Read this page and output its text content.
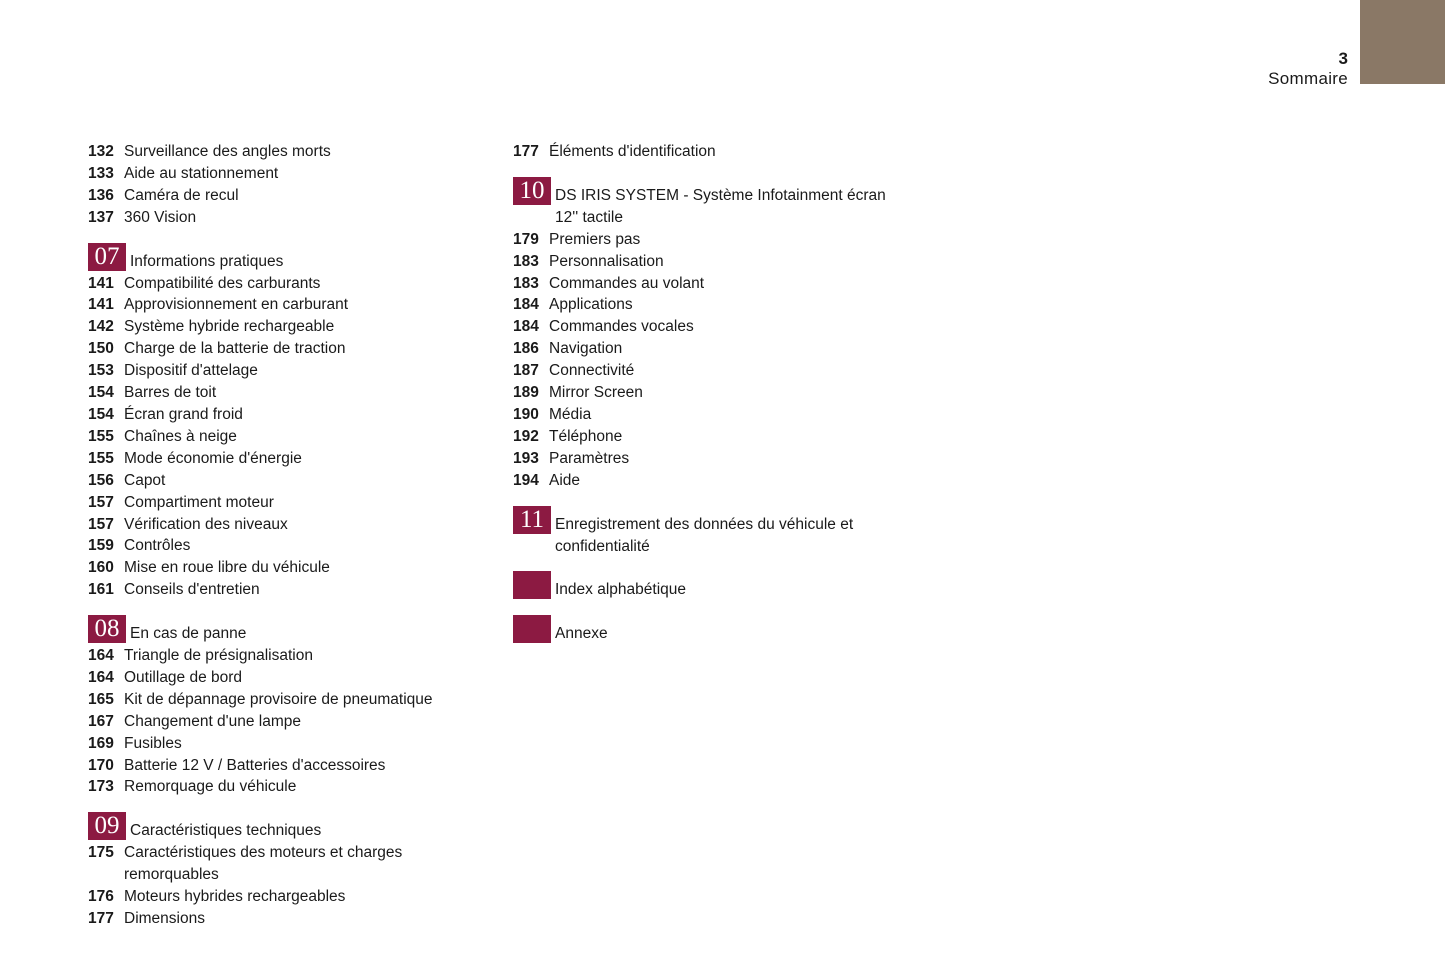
3
Sommaire
132 Surveillance des angles morts
133 Aide au stationnement
136 Caméra de recul
137 360 Vision
07 Informations pratiques
141 Compatibilité des carburants
141 Approvisionnement en carburant
142 Système hybride rechargeable
150 Charge de la batterie de traction
153 Dispositif d'attelage
154 Barres de toit
154 Écran grand froid
155 Chaînes à neige
155 Mode économie d'énergie
156 Capot
157 Compartiment moteur
157 Vérification des niveaux
159 Contrôles
160 Mise en roue libre du véhicule
161 Conseils d'entretien
08 En cas de panne
164 Triangle de présignalisation
164 Outillage de bord
165 Kit de dépannage provisoire de pneumatique
167 Changement d'une lampe
169 Fusibles
170 Batterie 12 V / Batteries d'accessoires
173 Remorquage du véhicule
09 Caractéristiques techniques
175 Caractéristiques des moteurs et charges remorquables
176 Moteurs hybrides rechargeables
177 Dimensions
177 Éléments d'identification
10 DS IRIS SYSTEM - Système Infotainment écran 12'' tactile
179 Premiers pas
183 Personnalisation
183 Commandes au volant
184 Applications
184 Commandes vocales
186 Navigation
187 Connectivité
189 Mirror Screen
190 Média
192 Téléphone
193 Paramètres
194 Aide
11 Enregistrement des données du véhicule et confidentialité
Index alphabétique
Annexe
